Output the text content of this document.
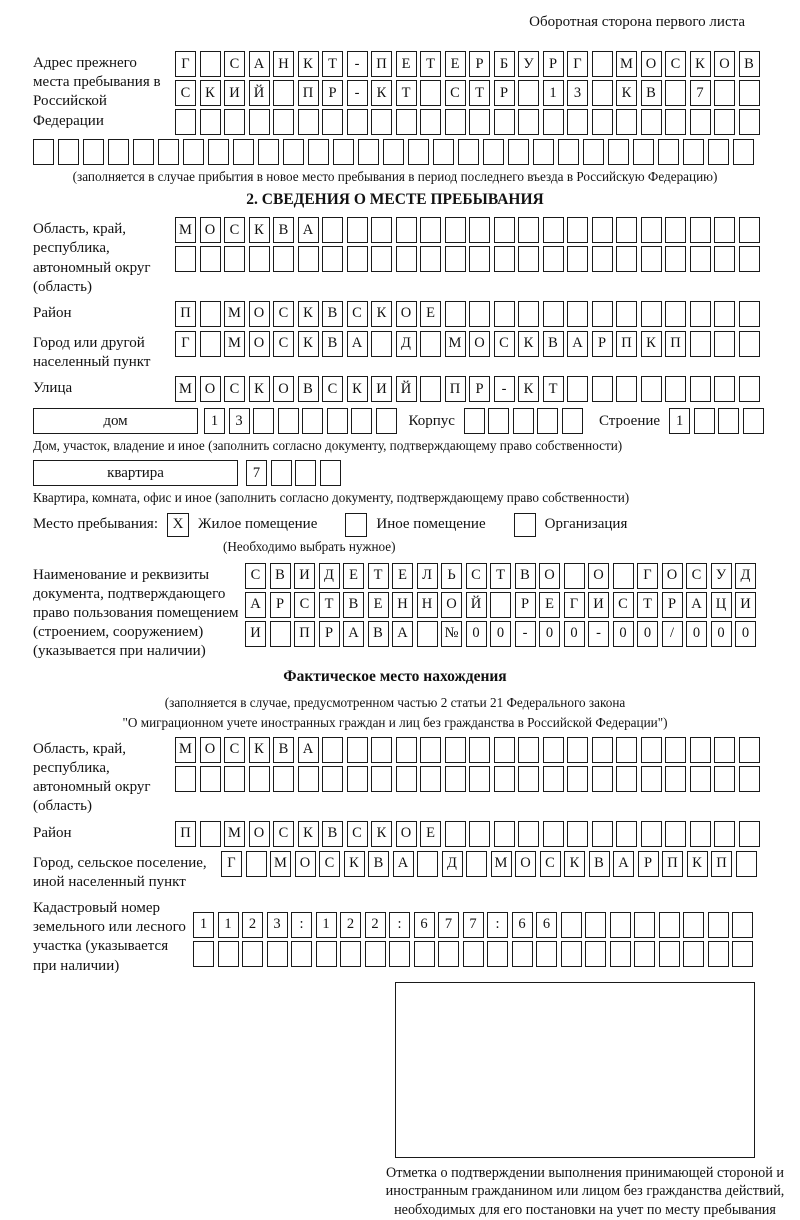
Оборотная сторона первого листа
Адрес прежнего места пребывания в Российской Федерации
Г	С А Н К	Т	-	П	Е	Т	Е	Р	Б	У	Р	Г	М О С	К О В
С	К И Й	П	Р	-	К	Т	С	Т	Р	1	3	К	В	7
(заполняется в случае прибытия в новое место пребывания в период последнего въезда в Российскую Федерацию)
2. СВЕДЕНИЯ О МЕСТЕ ПРЕБЫВАНИЯ
Область, край, республика, автономный округ (область)
М О С	К	В А
Район	П	М О С	К	В	С	К О	Е
Город или другой населенный пункт
Г	М О С	К	В А	Д	М О С	К	В А	Р	П К П
Улица	М О С	К О В	С	К И Й	П	Р	-	К	Т
дом	1	3	Корпус	Строение	1
Дом, участок, владение и иное (заполнить согласно документу, подтверждающему право собственности)
квартира	7
Квартира, комната, офис и иное (заполнить согласно документу, подтверждающему право собственности)
Место пребывания: X Жилое помещение	Иное помещение	Организация
(Необходимо выбрать нужное)
Наименование и реквизиты документа, подтверждающего право пользования помещением (строением, сооружением) (указывается при наличии)
С	В И Д	Е	Т	Е	Л	Ь	С	Т	В О	О	Г	О С	У Д
А	Р	С	Т	В	Е	Н Н О Й	Р	Е	Г	И С	Т	Р	А Ц И
И	П	Р	А В А	№ 0	0	-	0	0	-	0	0	/	0	0	0
Фактическое место нахождения
(заполняется в случае, предусмотренном частью 2 статьи 21 Федерального закона
"О миграционном учете иностранных граждан и лиц без гражданства в Российской Федерации")
Область, край, республика, автономный округ (область)
М О С	К	В А
Район	П	М О С	К	В	С	К О	Е
Город, сельское поселение, иной населенный пункт
Г	М О С	К	В А	Д	М О С	К	В А	Р	П К П
Кадастровый номер земельного или лесного участка (указывается при наличии)
1	1	2	3	:	1	2	2	:	6	7	7	:	6	6
Отметка о подтверждении выполнения принимающей стороной и иностранным гражданином или лицом без гражданства действий, необходимых для его постановки на учет по месту пребывания
